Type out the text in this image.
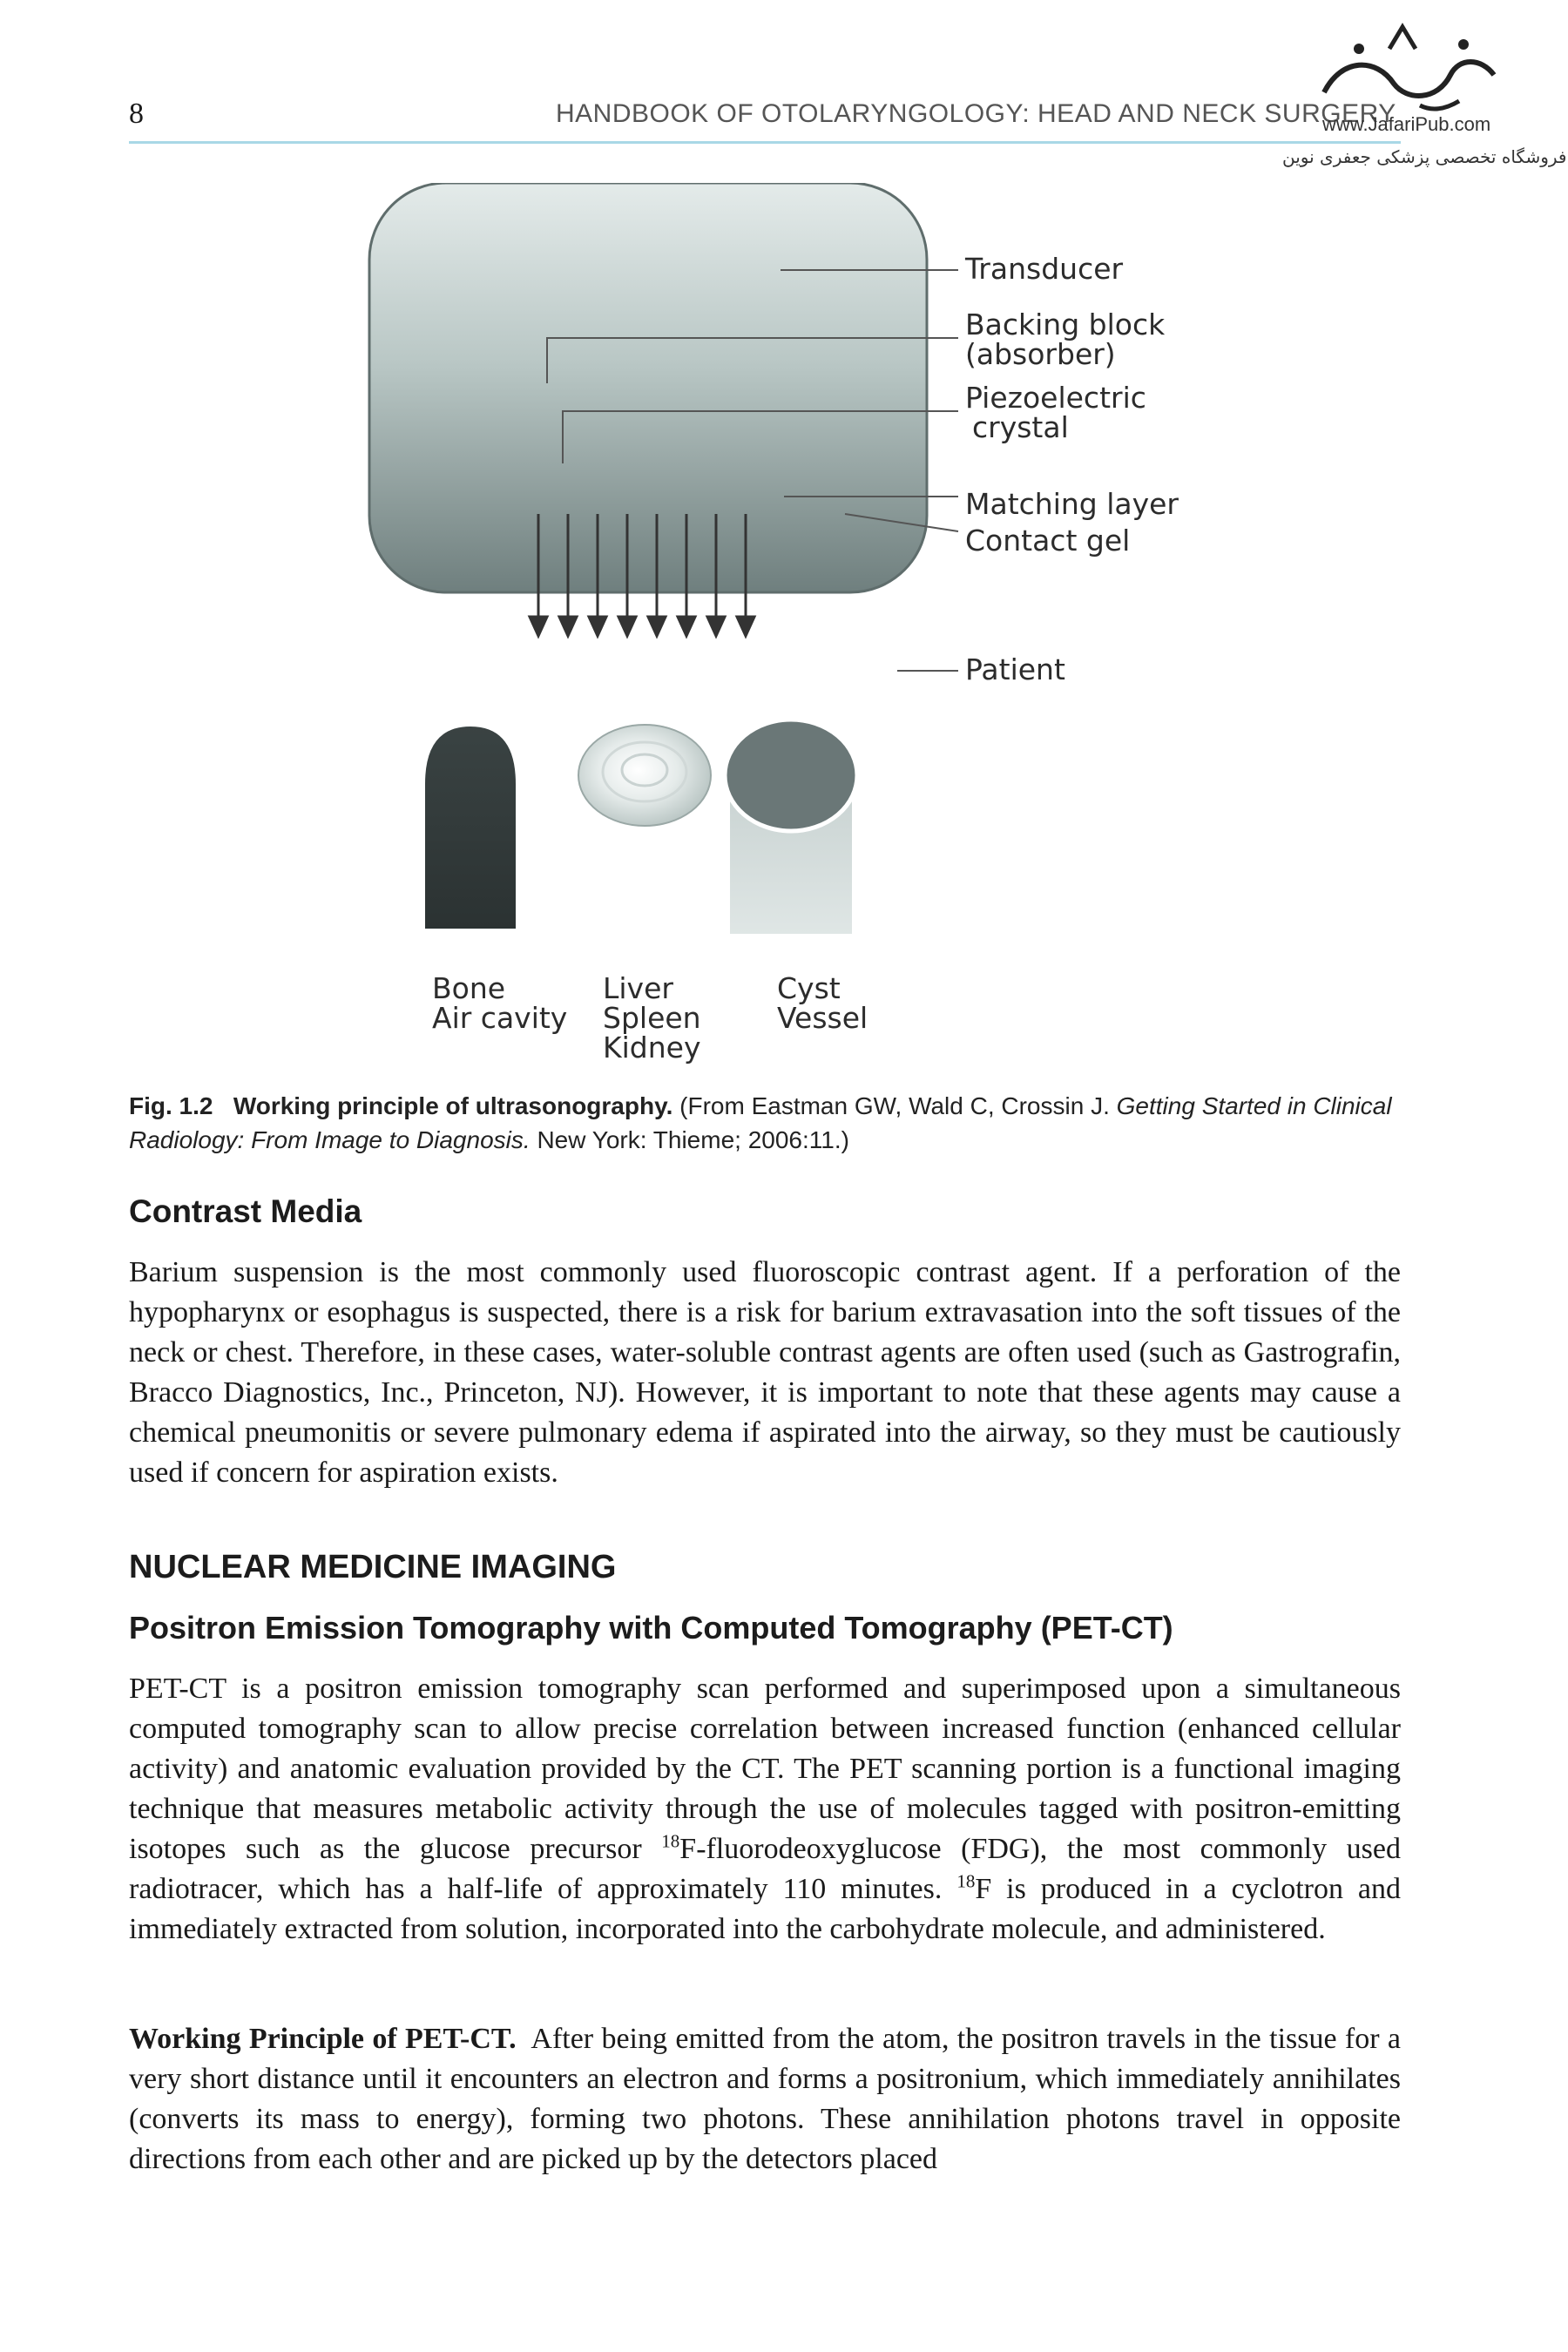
8	HANDBOOK OF OTOLARYNGOLOGY: HEAD AND NECK SURGERY
www.JafariPub.com
فروشگاه تخصصی پزشکی جعفری نوین
Transducer
Backing block
(absorber)
Piezoelectric
crystal
Matching layer
Contact gel
Patient
Bone
Air cavity
Liver
Spleen
Kidney
Cyst
Vessel
Fig. 1.2 Working principle of ultrasonography. (From Eastman GW, Wald C, Crossin J. Getting Started in Clinical Radiology: From Image to Diagnosis. New York: Thieme; 2006:11.)
Contrast Media
Barium suspension is the most commonly used fluoroscopic contrast agent. If a perforation of the hypopharynx or esophagus is suspected, there is a risk for barium extravasation into the soft tissues of the neck or chest. Therefore, in these cases, water-soluble contrast agents are often used (such as Gastrografin, Bracco Diagnostics, Inc., Princeton, NJ). However, it is important to note that these agents may cause a chemical pneumonitis or severe pulmonary edema if aspirated into the airway, so they must be cautiously used if concern for aspiration exists.
NUCLEAR MEDICINE IMAGING
Positron Emission Tomography with Computed Tomography (PET-CT)
PET-CT is a positron emission tomography scan performed and superimposed upon a simultaneous computed tomography scan to allow precise correlation between increased function (enhanced cellular activity) and anatomic evaluation provided by the CT. The PET scanning portion is a functional imaging technique that measures metabolic activity through the use of molecules tagged with positron-emitting isotopes such as the glucose precursor $^{18}$F-fluorodeoxyglucose (FDG), the most commonly used radiotracer, which has a half-life of approximately 110 minutes. $^{18}$F is produced in a cyclotron and immediately extracted from solution, incorporated into the carbohydrate molecule, and administered.
Working Principle of PET-CT. After being emitted from the atom, the positron travels in the tissue for a very short distance until it encounters an electron and forms a positronium, which immediately annihilates (converts its mass to energy), forming two photons. These annihilation photons travel in opposite directions from each other and are picked up by the detectors placed
